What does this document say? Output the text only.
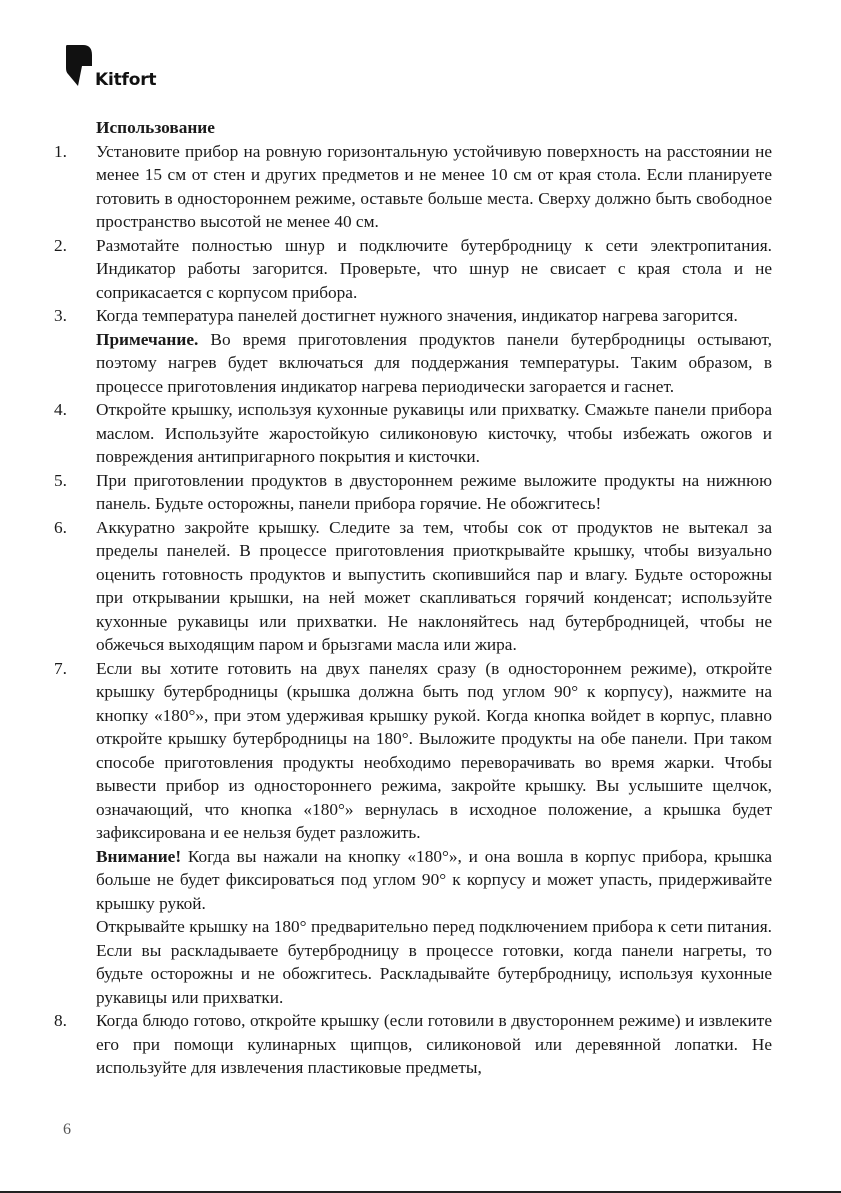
Kitfort
Использование
1. Установите прибор на ровную горизонтальную устойчивую поверхность на расстоянии не менее 15 см от стен и других предметов и не менее 10 см от края стола. Если планируете готовить в одностороннем режиме, оставьте больше места. Сверху должно быть свободное пространство высотой не менее 40 см.

2. Размотайте полностью шнур и подключите бутербродницу к сети электропитания. Индикатор работы загорится. Проверьте, что шнур не свисает с края стола и не соприкасается с корпусом прибора.

3. Когда температура панелей достигнет нужного значения, индикатор нагрева загорится.

Примечание. Во время приготовления продуктов панели бутербродницы остывают, поэтому нагрев будет включаться для поддержания температуры. Таким образом, в процессе приготовления индикатор нагрева периодически загорается и гаснет.

4. Откройте крышку, используя кухонные рукавицы или прихватку. Смажьте панели прибора маслом. Используйте жаростойкую силиконовую кисточку, чтобы избежать ожогов и повреждения антипригарного покрытия и кисточки.

5. При приготовлении продуктов в двустороннем режиме выложите продукты на нижнюю панель. Будьте осторожны, панели прибора горячие. Не обожгитесь!

6. Аккуратно закройте крышку. Следите за тем, чтобы сок от продуктов не вытекал за пределы панелей. В процессе приготовления приоткрывайте крышку, чтобы визуально оценить готовность продуктов и выпустить скопившийся пар и влагу. Будьте осторожны при открывании крышки, на ней может скапливаться горячий конденсат; используйте кухонные рукавицы или прихватки. Не наклоняйтесь над бутербродницей, чтобы не обжечься выходящим паром и брызгами масла или жира.

7. Если вы хотите готовить на двух панелях сразу (в одностороннем режиме), откройте крышку бутербродницы (крышка должна быть под углом 90° к корпусу), нажмите на кнопку «180°», при этом удерживая крышку рукой. Когда кнопка войдет в корпус, плавно откройте крышку бутербродницы на 180°. Выложите продукты на обе панели. При таком способе приготовления продукты необходимо переворачивать во время жарки. Чтобы вывести прибор из одностороннего режима, закройте крышку. Вы услышите щелчок, означающий, что кнопка «180°» вернулась в исходное положение, а крышка будет зафиксирована и ее нельзя будет разложить.

Внимание! Когда вы нажали на кнопку «180°», и она вошла в корпус прибора, крышка больше не будет фиксироваться под углом 90° к корпусу и может упасть, придерживайте крышку рукой.

Открывайте крышку на 180° предварительно перед подключением прибора к сети питания. Если вы раскладываете бутербродницу в процессе готовки, когда панели нагреты, то будьте осторожны и не обожгитесь. Раскладывайте бутербродницу, используя кухонные рукавицы или прихватки.

8. Когда блюдо готово, откройте крышку (если готовили в двустороннем режиме) и извлеките его при помощи кулинарных щипцов, силиконовой или деревянной лопатки. Не используйте для извлечения пластиковые предметы,

6
